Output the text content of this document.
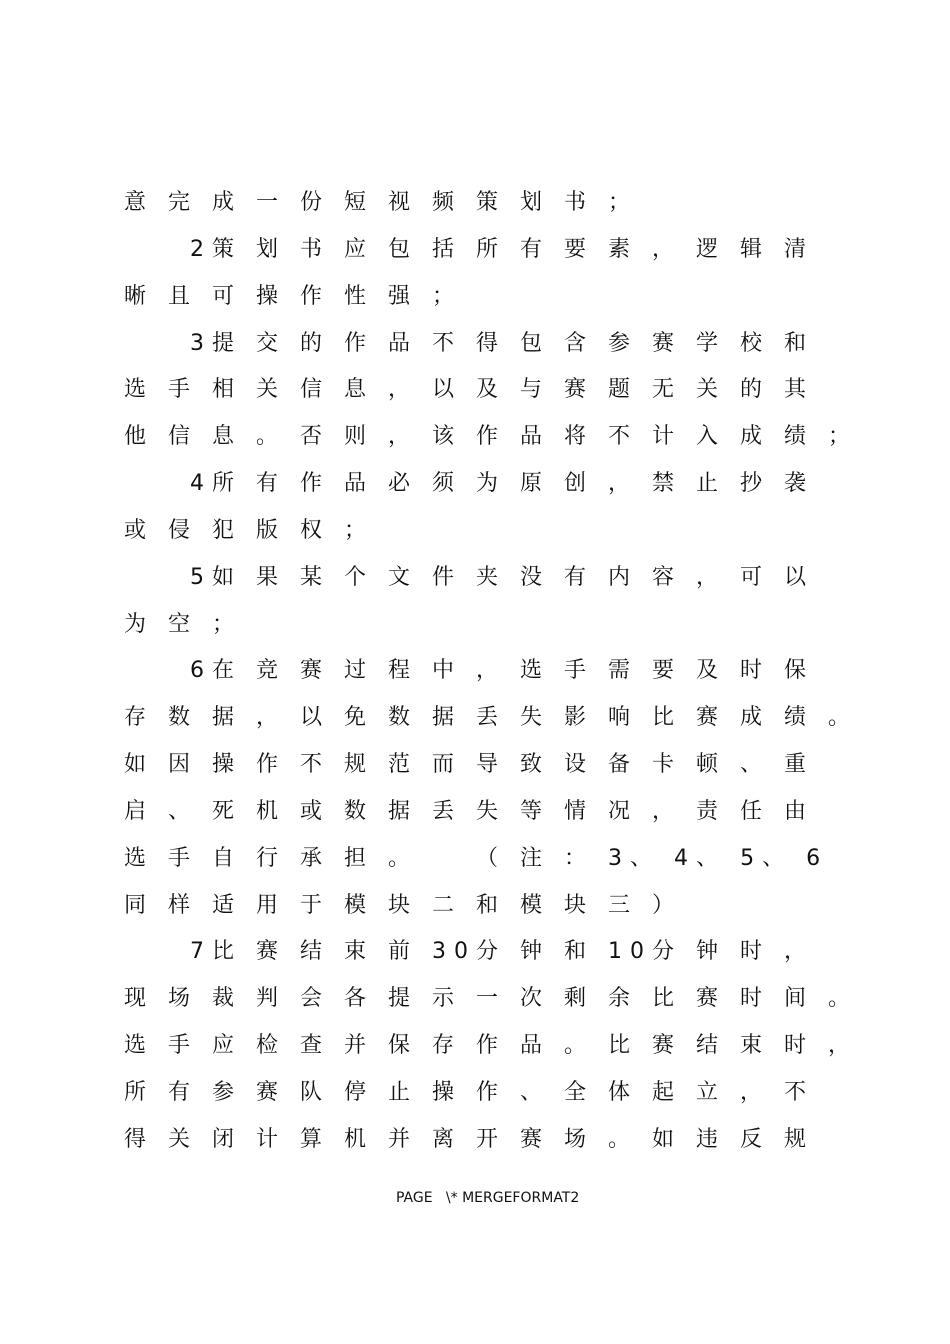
意完成一份短视频策划书；
2策划书应包括所有要素，逻辑清
晰且可操作性强；
3提交的作品不得包含参赛学校和
选手相关信息，以及与赛题无关的其
他信息。否则，该作品将不计入成绩；
4所有作品必须为原创，禁止抄袭
或侵犯版权；
5如果某个文件夹没有内容，可以
为空；
6在竞赛过程中，选手需要及时保
存数据，以免数据丢失影响比赛成绩。
如因操作不规范而导致设备卡顿、重
启、死机或数据丢失等情况，责任由
选手自行承担。 （注：3、4、5、6
同样适用于模块二和模块三）
7比赛结束前30分钟和10分钟时，
现场裁判会各提示一次剩余比赛时间。
选手应检查并保存作品。比赛结束时，
所有参赛队停止操作、全体起立，不
得关闭计算机并离开赛场。如违反规
PAGE   \* MERGEFORMAT2
